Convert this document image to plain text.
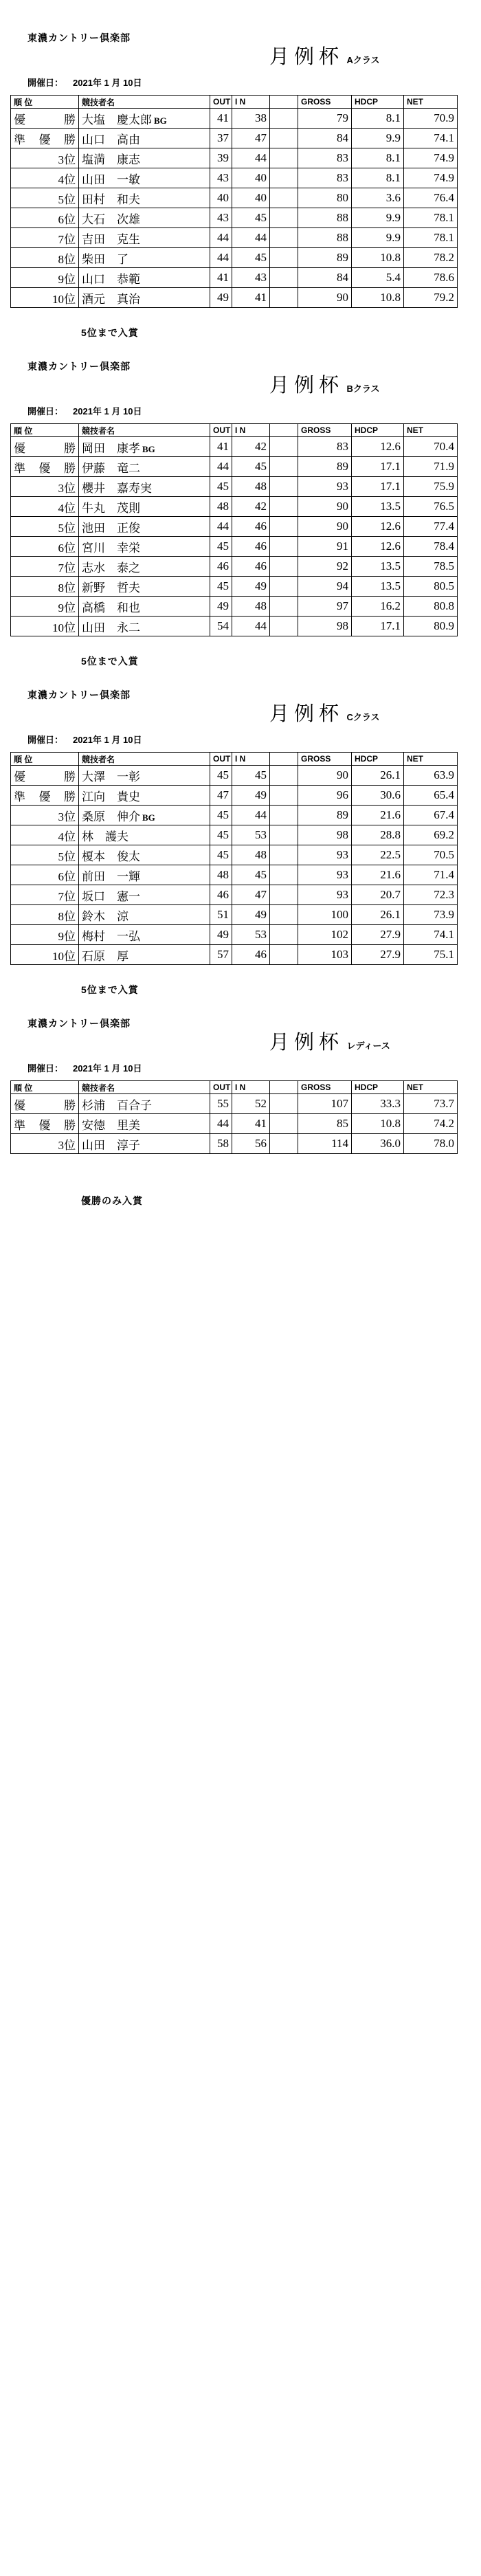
東濃カントリー倶楽部
月例杯 Aクラス
開催日： 2021年 1 月 10日
順 位	競技者名	OUT	I N		GROSS	HDCP	NET
優　勝	大塩　慶太郎 BG	41	38		79	8.1	70.9
準優勝	山口　高由	37	47		84	9.9	74.1
3位	塩満　康志	39	44		83	8.1	74.9
4位	山田　一敏	43	40		83	8.1	74.9
5位	田村　和夫	40	40		80	3.6	76.4
6位	大石　次雄	43	45		88	9.9	78.1
7位	吉田　克生	44	44		88	9.9	78.1
8位	柴田　了	44	45		89	10.8	78.2
9位	山口　恭範	41	43		84	5.4	78.6
10位	酒元　真治	49	41		90	10.8	79.2
5位まで入賞
東濃カントリー倶楽部
月例杯 Bクラス
開催日： 2021年 1 月 10日
順 位	競技者名	OUT	I N		GROSS	HDCP	NET
優　勝	岡田　康孝 BG	41	42		83	12.6	70.4
準優勝	伊藤　竜二	44	45		89	17.1	71.9
3位	櫻井　嘉寿実	45	48		93	17.1	75.9
4位	牛丸　茂則	48	42		90	13.5	76.5
5位	池田　正俊	44	46		90	12.6	77.4
6位	宮川　幸栄	45	46		91	12.6	78.4
7位	志水　泰之	46	46		92	13.5	78.5
8位	新野　哲夫	45	49		94	13.5	80.5
9位	高橋　和也	49	48		97	16.2	80.8
10位	山田　永二	54	44		98	17.1	80.9
5位まで入賞
東濃カントリー倶楽部
月例杯 Cクラス
開催日： 2021年 1 月 10日
順 位	競技者名	OUT	I N		GROSS	HDCP	NET
優　勝	大澤　一彰	45	45		90	26.1	63.9
準優勝	江向　貴史	47	49		96	30.6	65.4
3位	桑原　伸介 BG	45	44		89	21.6	67.4
4位	林　護夫	45	53		98	28.8	69.2
5位	榎本　俊太	45	48		93	22.5	70.5
6位	前田　一輝	48	45		93	21.6	71.4
7位	坂口　憲一	46	47		93	20.7	72.3
8位	鈴木　涼	51	49		100	26.1	73.9
9位	梅村　一弘	49	53		102	27.9	74.1
10位	石原　厚	57	46		103	27.9	75.1
5位まで入賞
東濃カントリー倶楽部
月例杯 レディース
開催日： 2021年 1 月 10日
順 位	競技者名	OUT	I N		GROSS	HDCP	NET
優　勝	杉浦　百合子	55	52		107	33.3	73.7
準優勝	安徳　里美	44	41		85	10.8	74.2
3位	山田　淳子	58	56		114	36.0	78.0
優勝のみ入賞
